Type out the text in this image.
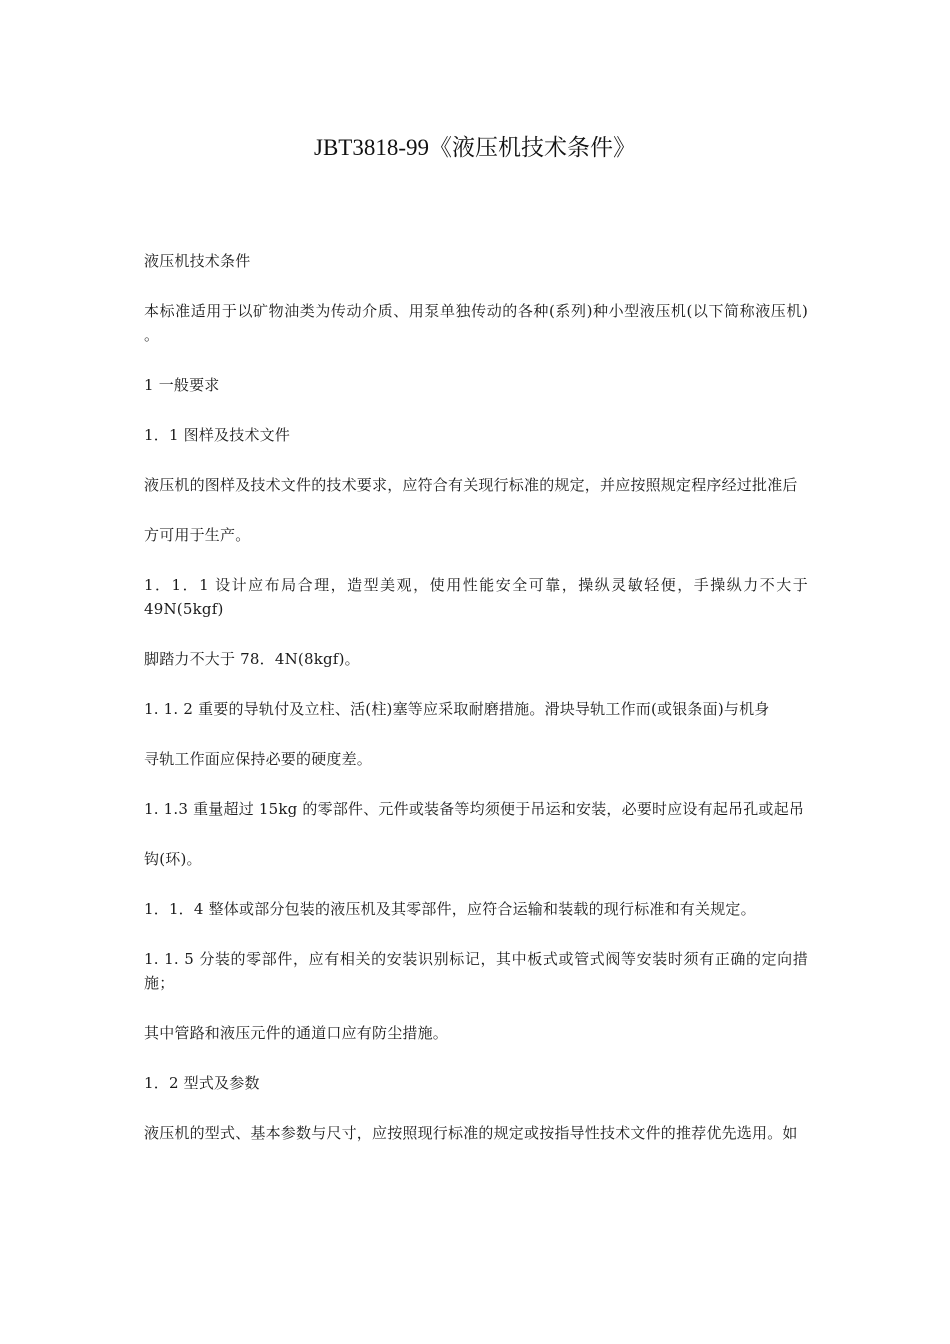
JBT3818-99《液压机技术条件》

液压机技术条件

本标准适用于以矿物油类为传动介质、用泵单独传动的各种(系列)种小型液压机(以下简称液压机) 。

1 一般要求

1．1 图样及技术文件

液压机的图样及技术文件的技术要求，应符合有关现行标准的规定，并应按照规定程序经过批准后

方可用于生产。

1．1．1 设计应布局合理，造型美观，使用性能安全可靠，操纵灵敏轻便，手操纵力不大于 49N(5kgf)

脚踏力不大于 78．4N(8kgf)。

1. 1. 2 重要的导轨付及立柱、活(柱)塞等应采取耐磨措施。滑块导轨工作而(或银条面)与机身

寻轨工作面应保持必要的硬度差。

1. 1.3 重量超过 15kg 的零部件、元件或装备等均须便于吊运和安装，必要时应设有起吊孔或起吊

钩(环)。

1．1．4 整体或部分包装的液压机及其零部件，应符合运输和装载的现行标准和有关规定。

1. 1. 5 分装的零部件，应有相关的安装识别标记，其中板式或管式阀等安装时须有正确的定向措施；

其中管路和液压元件的通道口应有防尘措施。

1．2 型式及参数

液压机的型式、基本参数与尺寸，应按照现行标准的规定或按指导性技术文件的推荐优先选用。如
